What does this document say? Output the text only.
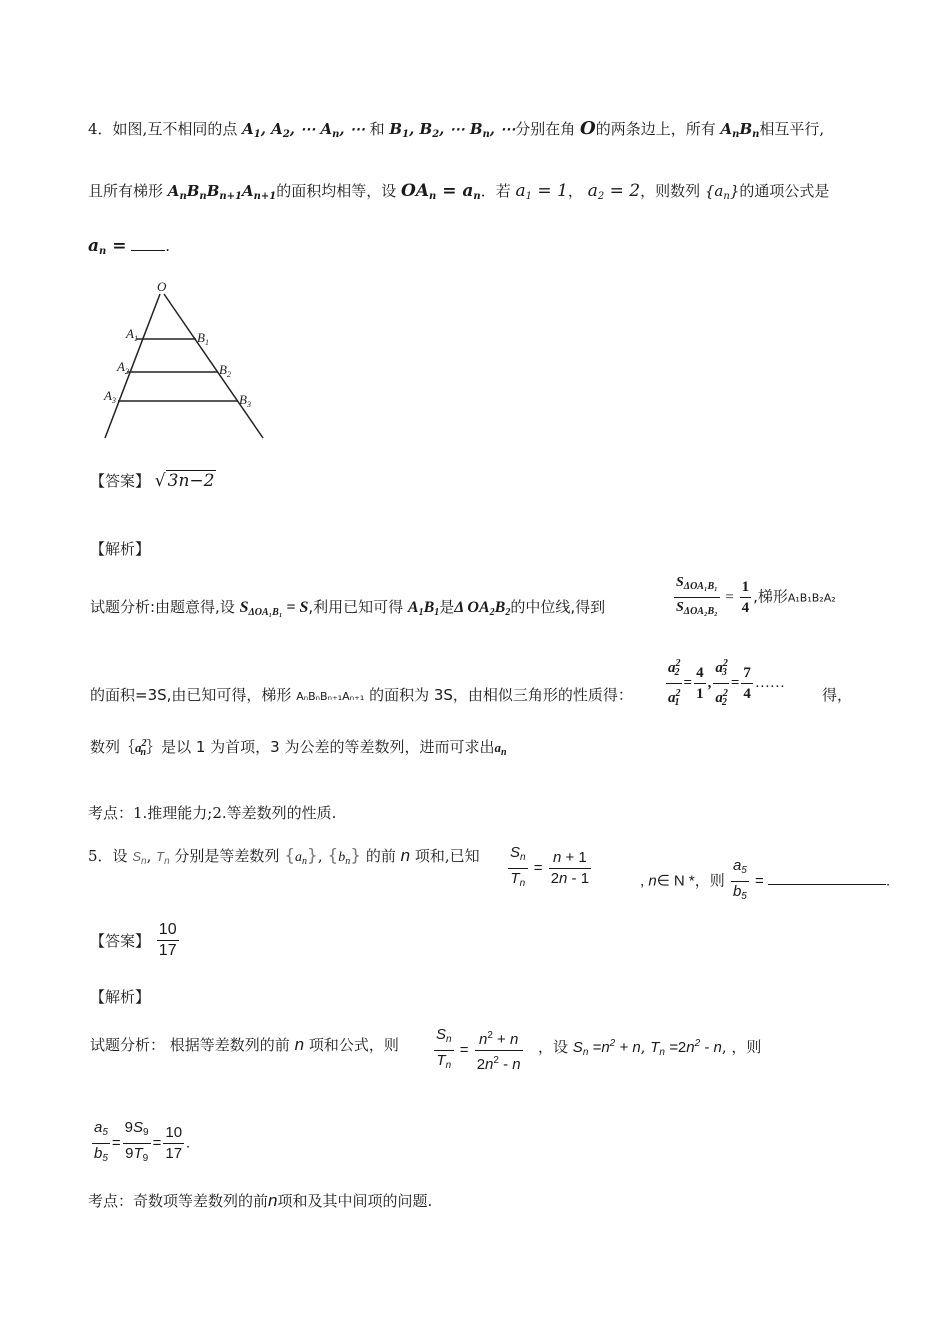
4．如图,互不相同的点 $A_1$, $A_2$, ⋯ $A_n$, ⋯ 和 $B_1$, $B_2$, ⋯ $B_n$, ⋯分别在角 O的两条边上，所有 $A_nB_n$相互平行,
且所有梯形 $A_nB_nB_{n+1}A_{n+1}$的面积均相等，设 $OA_n = a_n$．若 $a_1 = 1$， $a_2 = 2$，则数列 $\{a_n\}$的通项公式是
$a_n$ =	.
O
$A_1$	$B_1$
$A_2$	$B_2$
$A_3$	$B_3$
【答案】 √ 3n−2
【解析】
试题分析:由题意得,设 $S_{\Delta OA_1B_1} = S$,利用已知可得 $A_1B_1$是Δ $OA_2B_2$的中位线,得到	$\frac{S_{\Delta OA_1B_1}}{S_{\Delta OA_2B_2}} = \frac{1}{4}$ ,梯形A₁B₁B₂A₂
的面积=3S,由已知可得，梯形 AₙBₙBₙ₊₁Aₙ₊₁ 的面积为 3S，由相似三角形的性质得： $\frac{a^2_2}{a^2_1} = \frac{4}{1}$ , $\frac{a^2_3}{a^2_2} = \frac{7}{4}$ ……
得，
数列$\{a^2_n\}$是以 1 为首项，3 为公差的等差数列，进而可求出$a_n$
考点：1.推理能力;2.等差数列的性质.
5．设 $S_n$, $T_n$ 分别是等差数列 $\{a_n\}$, $\{b_n\}$ 的前 n 项和,已知 $\frac{S_n}{T_n} = \frac{n + 1}{2n - 1}$	, n∈ N *，则 $\frac{a_5}{b_5}$ =	.
【答案】 $\frac{10}{17}$
【解析】
试题分析： 根据等差数列的前 n 项和公式，则 $\frac{S_n}{T_n} = \frac{n^2 + n}{2n^2 - n}$ ，设 $S_n =n^2 + n$, $T_n =2n^2 - n$, ，则
$\frac{a_5}{b_5} = \frac{9S_9}{9T_9} = \frac{10}{17}$ .
考点：奇数项等差数列的前n项和及其中间项的问题.
